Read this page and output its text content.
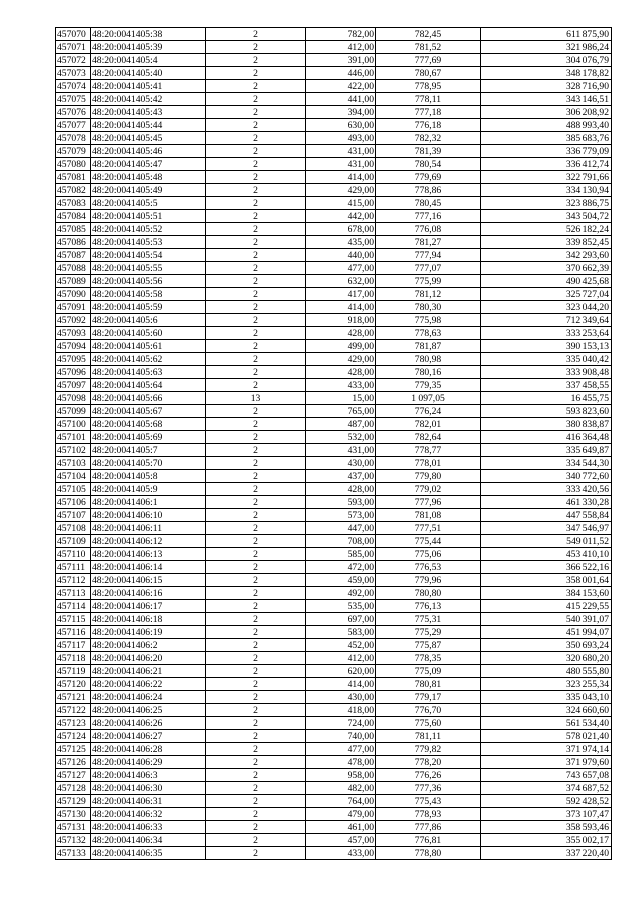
457070	48:20:0041405:38	2	782,00	782,45	611 875,90
457071	48:20:0041405:39	2	412,00	781,52	321 986,24
457072	48:20:0041405:4	2	391,00	777,69	304 076,79
457073	48:20:0041405:40	2	446,00	780,67	348 178,82
457074	48:20:0041405:41	2	422,00	778,95	328 716,90
457075	48:20:0041405:42	2	441,00	778,11	343 146,51
457076	48:20:0041405:43	2	394,00	777,18	306 208,92
457077	48:20:0041405:44	2	630,00	776,18	488 993,40
457078	48:20:0041405:45	2	493,00	782,32	385 683,76
457079	48:20:0041405:46	2	431,00	781,39	336 779,09
457080	48:20:0041405:47	2	431,00	780,54	336 412,74
457081	48:20:0041405:48	2	414,00	779,69	322 791,66
457082	48:20:0041405:49	2	429,00	778,86	334 130,94
457083	48:20:0041405:5	2	415,00	780,45	323 886,75
457084	48:20:0041405:51	2	442,00	777,16	343 504,72
457085	48:20:0041405:52	2	678,00	776,08	526 182,24
457086	48:20:0041405:53	2	435,00	781,27	339 852,45
457087	48:20:0041405:54	2	440,00	777,94	342 293,60
457088	48:20:0041405:55	2	477,00	777,07	370 662,39
457089	48:20:0041405:56	2	632,00	775,99	490 425,68
457090	48:20:0041405:58	2	417,00	781,12	325 727,04
457091	48:20:0041405:59	2	414,00	780,30	323 044,20
457092	48:20:0041405:6	2	918,00	775,98	712 349,64
457093	48:20:0041405:60	2	428,00	778,63	333 253,64
457094	48:20:0041405:61	2	499,00	781,87	390 153,13
457095	48:20:0041405:62	2	429,00	780,98	335 040,42
457096	48:20:0041405:63	2	428,00	780,16	333 908,48
457097	48:20:0041405:64	2	433,00	779,35	337 458,55
457098	48:20:0041405:66	13	15,00	1 097,05	16 455,75
457099	48:20:0041405:67	2	765,00	776,24	593 823,60
457100	48:20:0041405:68	2	487,00	782,01	380 838,87
457101	48:20:0041405:69	2	532,00	782,64	416 364,48
457102	48:20:0041405:7	2	431,00	778,77	335 649,87
457103	48:20:0041405:70	2	430,00	778,01	334 544,30
457104	48:20:0041405:8	2	437,00	779,80	340 772,60
457105	48:20:0041405:9	2	428,00	779,02	333 420,56
457106	48:20:0041406:1	2	593,00	777,96	461 330,28
457107	48:20:0041406:10	2	573,00	781,08	447 558,84
457108	48:20:0041406:11	2	447,00	777,51	347 546,97
457109	48:20:0041406:12	2	708,00	775,44	549 011,52
457110	48:20:0041406:13	2	585,00	775,06	453 410,10
457111	48:20:0041406:14	2	472,00	776,53	366 522,16
457112	48:20:0041406:15	2	459,00	779,96	358 001,64
457113	48:20:0041406:16	2	492,00	780,80	384 153,60
457114	48:20:0041406:17	2	535,00	776,13	415 229,55
457115	48:20:0041406:18	2	697,00	775,31	540 391,07
457116	48:20:0041406:19	2	583,00	775,29	451 994,07
457117	48:20:0041406:2	2	452,00	775,87	350 693,24
457118	48:20:0041406:20	2	412,00	778,35	320 680,20
457119	48:20:0041406:21	2	620,00	775,09	480 555,80
457120	48:20:0041406:22	2	414,00	780,81	323 255,34
457121	48:20:0041406:24	2	430,00	779,17	335 043,10
457122	48:20:0041406:25	2	418,00	776,70	324 660,60
457123	48:20:0041406:26	2	724,00	775,60	561 534,40
457124	48:20:0041406:27	2	740,00	781,11	578 021,40
457125	48:20:0041406:28	2	477,00	779,82	371 974,14
457126	48:20:0041406:29	2	478,00	778,20	371 979,60
457127	48:20:0041406:3	2	958,00	776,26	743 657,08
457128	48:20:0041406:30	2	482,00	777,36	374 687,52
457129	48:20:0041406:31	2	764,00	775,43	592 428,52
457130	48:20:0041406:32	2	479,00	778,93	373 107,47
457131	48:20:0041406:33	2	461,00	777,86	358 593,46
457132	48:20:0041406:34	2	457,00	776,81	355 002,17
457133	48:20:0041406:35	2	433,00	778,80	337 220,40
